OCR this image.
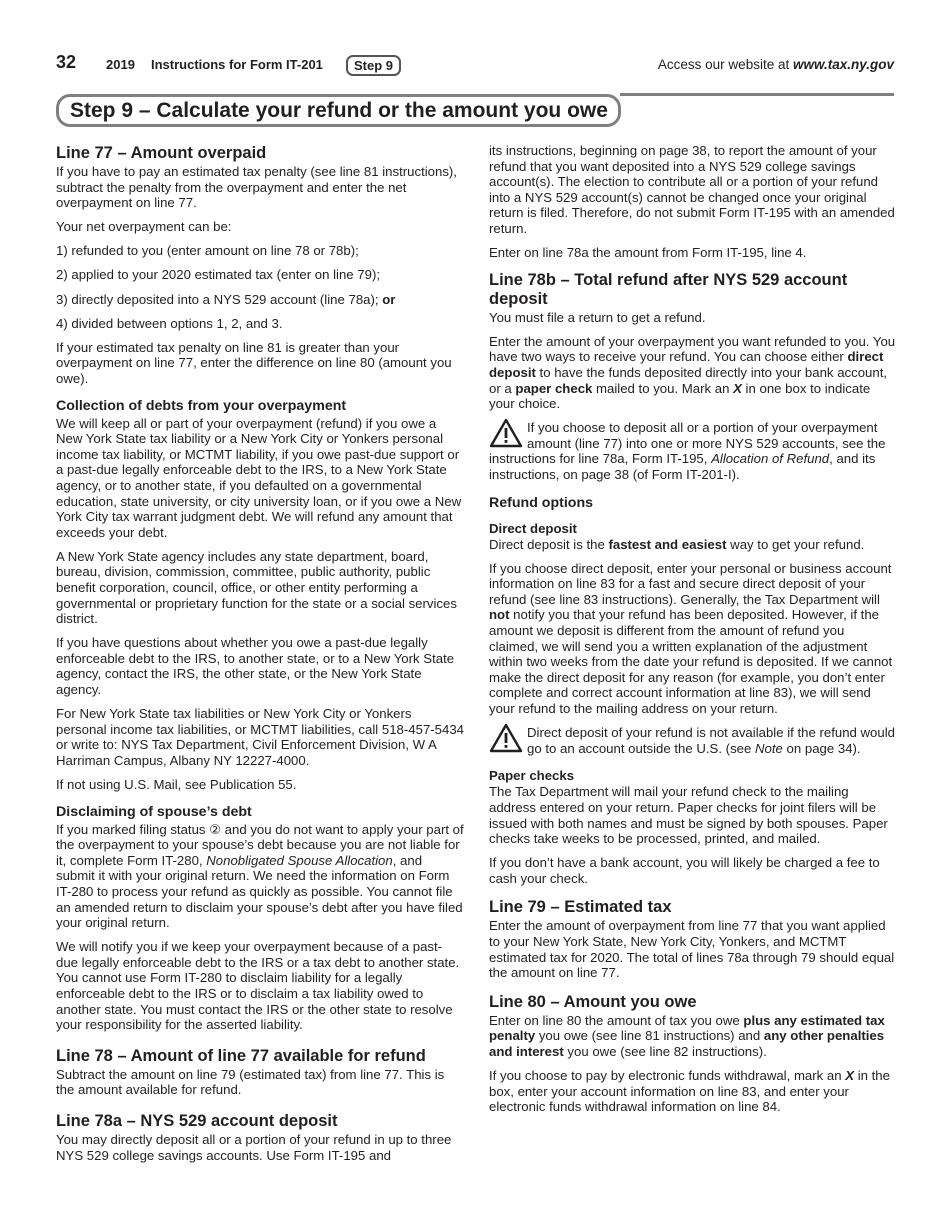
32 2019 Instructions for Form IT-201	Step 9	Access our website at www.tax.ny.gov
Step 9 – Calculate your refund or the amount you owe
Line 77 – Amount overpaid

If you have to pay an estimated tax penalty (see line 81 instructions), subtract the penalty from the overpayment and enter the net overpayment on line 77.

Your net overpayment can be:

1) refunded to you (enter amount on line 78 or 78b);

2) applied to your 2020 estimated tax (enter on line 79);

3) directly deposited into a NYS 529 account (line 78a); or

4) divided between options 1, 2, and 3.

If your estimated tax penalty on line 81 is greater than your overpayment on line 77, enter the difference on line 80 (amount you owe).

Collection of debts from your overpayment

We will keep all or part of your overpayment (refund) if you owe a New York State tax liability or a New York City or Yonkers personal income tax liability, or MCTMT liability, if you owe past-due support or a past-due legally enforceable debt to the IRS, to a New York State agency, or to another state, if you defaulted on a governmental education, state university, or city university loan, or if you owe a New York City tax warrant judgment debt. We will refund any amount that exceeds your debt.

A New York State agency includes any state department, board, bureau, division, commission, committee, public authority, public benefit corporation, council, office, or other entity performing a governmental or proprietary function for the state or a social services district.

If you have questions about whether you owe a past-due legally enforceable debt to the IRS, to another state, or to a New York State agency, contact the IRS, the other state, or the New York State agency.

For New York State tax liabilities or New York City or Yonkers personal income tax liabilities, or MCTMT liabilities, call 518-457-5434 or write to: NYS Tax Department, Civil Enforcement Division, W A Harriman Campus, Albany NY 12227-4000.

If not using U.S. Mail, see Publication 55.

Disclaiming of spouse’s debt

If you marked filing status ② and you do not want to apply your part of the overpayment to your spouse’s debt because you are not liable for it, complete Form IT-280, Nonobligated Spouse Allocation, and submit it with your original return. We need the information on Form IT-280 to process your refund as quickly as possible. You cannot file an amended return to disclaim your spouse’s debt after you have filed your original return.

We will notify you if we keep your overpayment because of a past-due legally enforceable debt to the IRS or a tax debt to another state. You cannot use Form IT-280 to disclaim liability for a legally enforceable debt to the IRS or to disclaim a tax liability owed to another state. You must contact the IRS or the other state to resolve your responsibility for the asserted liability.

Line 78 – Amount of line 77 available for refund

Subtract the amount on line 79 (estimated tax) from line 77. This is the amount available for refund.

Line 78a – NYS 529 account deposit

You may directly deposit all or a portion of your refund in up to three NYS 529 college savings accounts. Use Form IT-195 and

its instructions, beginning on page 38, to report the amount of your refund that you want deposited into a NYS 529 college savings account(s). The election to contribute all or a portion of your refund into a NYS 529 account(s) cannot be changed once your original return is filed. Therefore, do not submit Form IT-195 with an amended return.

Enter on line 78a the amount from Form IT-195, line 4.

Line 78b – Total refund after NYS 529 account deposit

You must file a return to get a refund.

Enter the amount of your overpayment you want refunded to you. You have two ways to receive your refund. You can choose either direct deposit to have the funds deposited directly into your bank account, or a paper check mailed to you. Mark an X in one box to indicate your choice.

If you choose to deposit all or a portion of your overpayment amount (line 77) into one or more NYS 529 accounts, see the instructions for line 78a, Form IT-195, Allocation of Refund, and its instructions, on page 38 (of Form IT-201-I).

Refund options
Direct deposit

Direct deposit is the fastest and easiest way to get your refund.

If you choose direct deposit, enter your personal or business account information on line 83 for a fast and secure direct deposit of your refund (see line 83 instructions). Generally, the Tax Department will not notify you that your refund has been deposited. However, if the amount we deposit is different from the amount of refund you claimed, we will send you a written explanation of the adjustment within two weeks from the date your refund is deposited. If we cannot make the direct deposit for any reason (for example, you don’t enter complete and correct account information at line 83), we will send your refund to the mailing address on your return.

Direct deposit of your refund is not available if the refund would go to an account outside the U.S. (see Note on page 34).

Paper checks

The Tax Department will mail your refund check to the mailing address entered on your return. Paper checks for joint filers will be issued with both names and must be signed by both spouses. Paper checks take weeks to be processed, printed, and mailed.

If you don’t have a bank account, you will likely be charged a fee to cash your check.

Line 79 – Estimated tax

Enter the amount of overpayment from line 77 that you want applied to your New York State, New York City, Yonkers, and MCTMT estimated tax for 2020. The total of lines 78a through 79 should equal the amount on line 77.

Line 80 – Amount you owe

Enter on line 80 the amount of tax you owe plus any estimated tax penalty you owe (see line 81 instructions) and any other penalties and interest you owe (see line 82 instructions).

If you choose to pay by electronic funds withdrawal, mark an X in the box, enter your account information on line 83, and enter your electronic funds withdrawal information on line 84.
